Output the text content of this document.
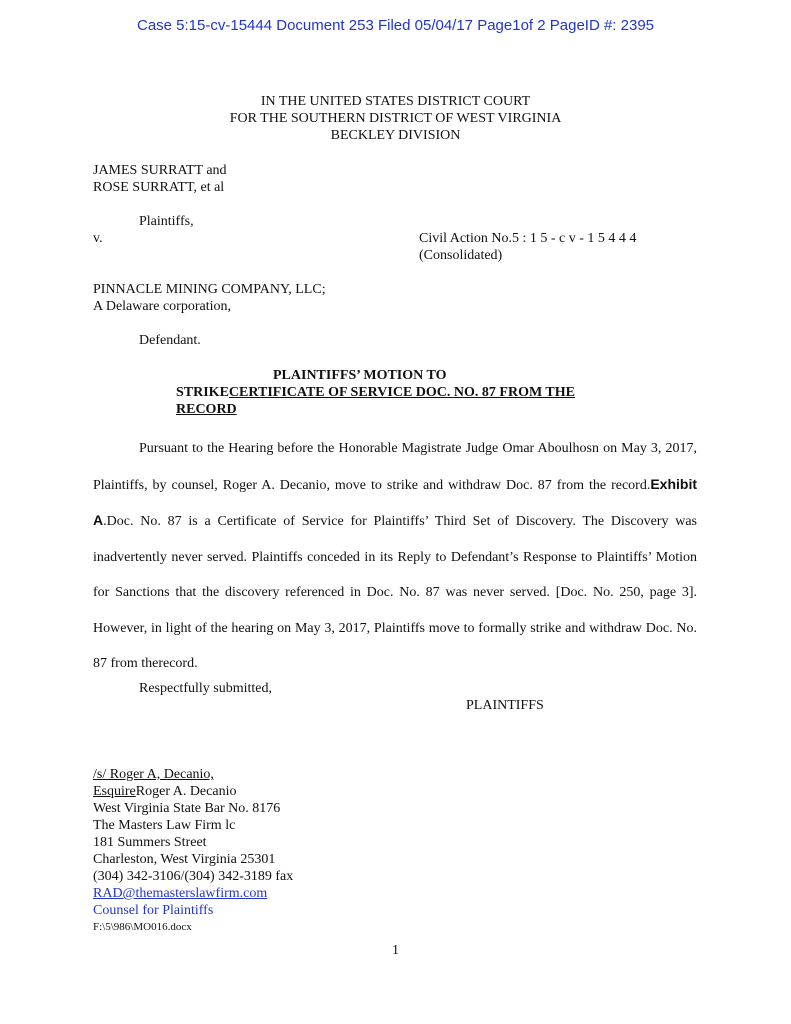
Case 5:15-cv-15444 Document 253 Filed 05/04/17 Page1of 2 PageID #: 2395
IN THE UNITED STATES DISTRICT COURT
FOR THE SOUTHERN DISTRICT OF WEST VIRGINIA
BECKLEY DIVISION
JAMES SURRATT and
ROSE SURRATT, et al
Plaintiffs,
v.	Civil Action No.5 : 1 5 - c v - 1 5 4 4 4
(Consolidated)
PINNACLE MINING COMPANY, LLC;
A Delaware corporation,
Defendant.
PLAINTIFFS’ MOTION TO
STRIKECERTIFICATE OF SERVICE DOC. NO. 87 FROM THE
RECORD
Pursuant to the Hearing before the Honorable Magistrate Judge Omar Aboulhosn on May 3, 2017, Plaintiffs, by counsel, Roger A. Decanio, move to strike and withdraw Doc. 87 from the record.Exhibit A.Doc. No. 87 is a Certificate of Service for Plaintiffs’ Third Set of Discovery. The Discovery was inadvertently never served. Plaintiffs conceded in its Reply to Defendant’s Response to Plaintiffs’ Motion for Sanctions that the discovery referenced in Doc. No. 87 was never served. [Doc. No. 250, page 3]. However, in light of the hearing on May 3, 2017, Plaintiffs move to formally strike and withdraw Doc. No. 87 from therecord.
Respectfully submitted,
PLAINTIFFS
/s/ Roger A, Decanio,
EsquireRoger A. Decanio
West Virginia State Bar No. 8176
The Masters Law Firm lc
181 Summers Street
Charleston, West Virginia 25301
(304) 342-3106/(304) 342-3189 fax
RAD@themasterslawfirm.com
Counsel for Plaintiffs
F:\5\986\MO016.docx
1
